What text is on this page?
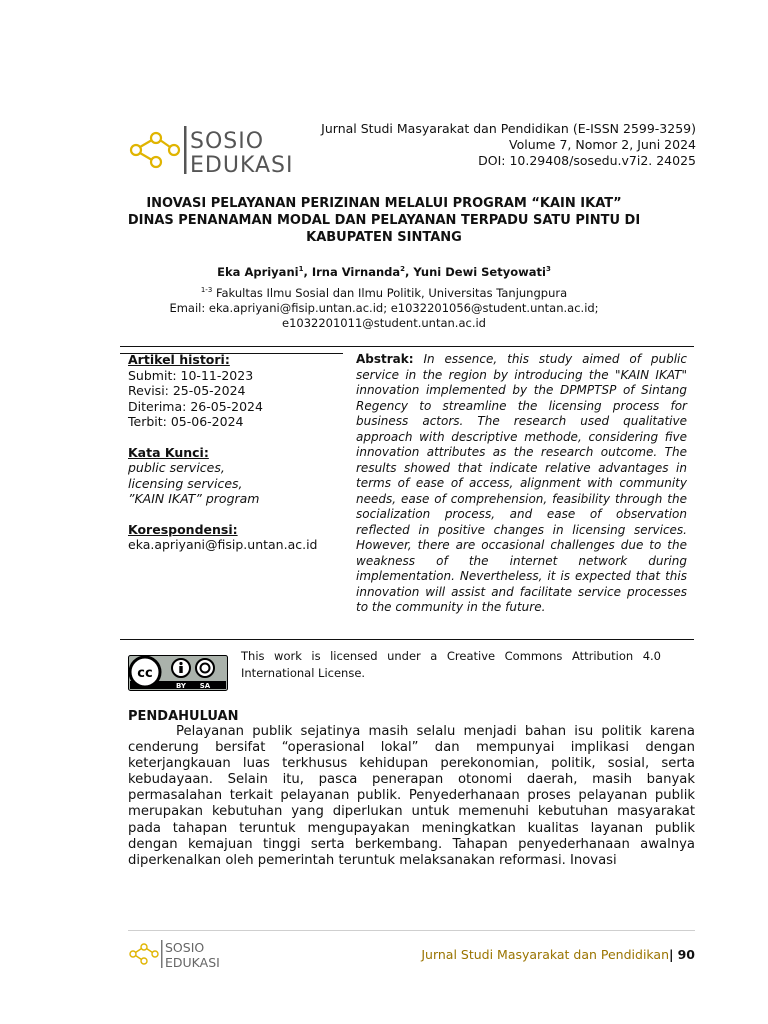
SOSIO
EDUKASI
Jurnal Studi Masyarakat dan Pendidikan (E-ISSN 2599-3259)
Volume 7, Nomor 2, Juni 2024
DOI: 10.29408/sosedu.v7i2. 24025
INOVASI PELAYANAN PERIZINAN MELALUI PROGRAM “KAIN IKAT”
DINAS PENANAMAN MODAL DAN PELAYANAN TERPADU SATU PINTU DI
KABUPATEN SINTANG
Eka Apriyani$^1$, Irna Virnanda$^2$, Yuni Dewi Setyowati$^3$
$^{1-3}$ Fakultas Ilmu Sosial dan Ilmu Politik, Universitas Tanjungpura
Email: eka.apriyani@fisip.untan.ac.id; e1032201056@student.untan.ac.id;
e1032201011@student.untan.ac.id
Artikel histori:
Submit: 10-11-2023
Revisi: 25-05-2024
Diterima: 26-05-2024
Terbit: 05-06-2024
Kata Kunci:
public services,
licensing services,
”KAIN IKAT” program
Korespondensi:
eka.apriyani@fisip.untan.ac.id
Abstrak: In essence, this study aimed of public service in the region by introducing the "KAIN IKAT" innovation implemented by the DPMPTSP of Sintang Regency to streamline the licensing process for business actors. The research used qualitative approach with descriptive methode, considering five innovation attributes as the research outcome. The results showed that indicate relative advantages in terms of ease of access, alignment with community needs, ease of comprehension, feasibility through the socialization process, and ease of observation reflected in positive changes in licensing services. However, there are occasional challenges due to the weakness of the internet network during implementation. Nevertheless, it is expected that this innovation will assist and facilitate service processes to the community in the future.
cc
BY SA
This work is licensed under a Creative Commons Attribution 4.0 International License.
PENDAHULUAN

Pelayanan publik sejatinya masih selalu menjadi bahan isu politik karena cenderung bersifat “operasional lokal” dan mempunyai implikasi dengan keterjangkauan luas terkhusus kehidupan perekonomian, politik, sosial, serta kebudayaan. Selain itu, pasca penerapan otonomi daerah, masih banyak permasalahan terkait pelayanan publik. Penyederhanaan proses pelayanan publik merupakan kebutuhan yang diperlukan untuk memenuhi kebutuhan masyarakat pada tahapan teruntuk mengupayakan meningkatkan kualitas layanan publik dengan kemajuan tinggi serta berkembang. Tahapan penyederhanaan awalnya diperkenalkan oleh pemerintah teruntuk melaksanakan reformasi. Inovasi

SOSIO
EDUKASI
Jurnal Studi Masyarakat dan Pendidikan| 90
